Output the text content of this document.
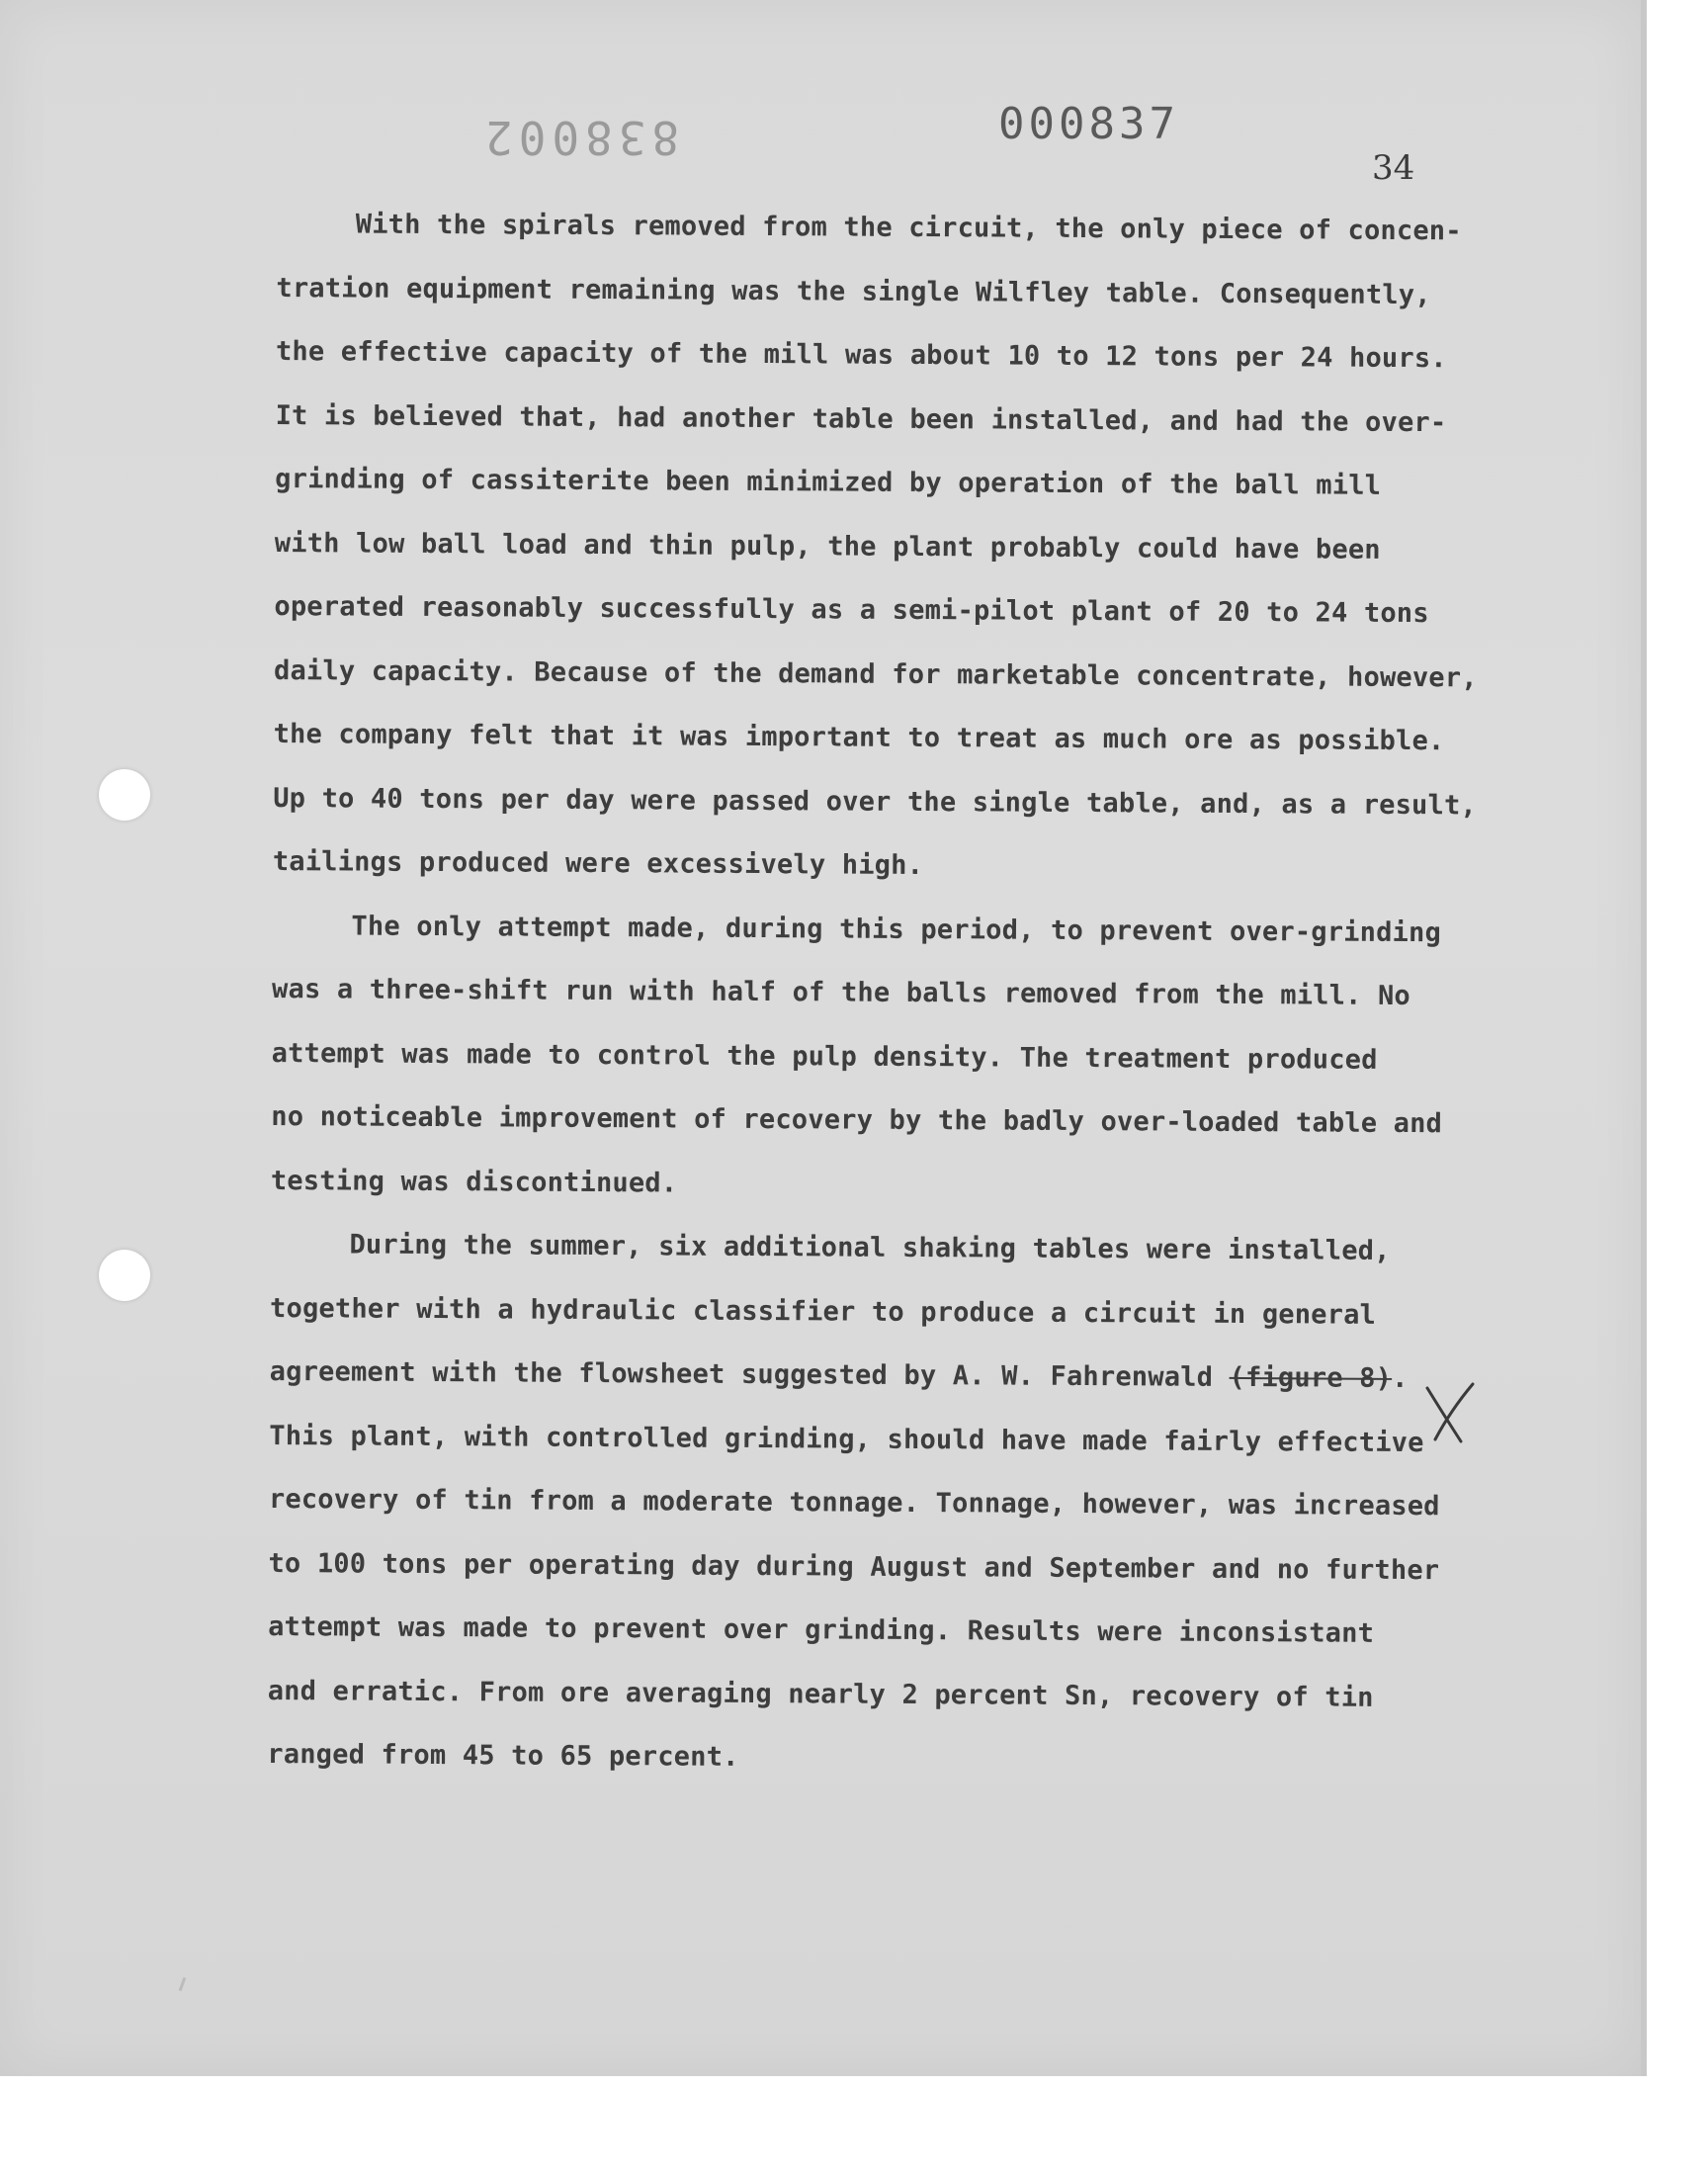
838002	000837
34
With the spirals removed from the circuit, the only piece of concen-
tration equipment remaining was the single Wilfley table. Consequently,
the effective capacity of the mill was about 10 to 12 tons per 24 hours.
It is believed that, had another table been installed, and had the over-
grinding of cassiterite been minimized by operation of the ball mill
with low ball load and thin pulp, the plant probably could have been
operated reasonably successfully as a semi-pilot plant of 20 to 24 tons
daily capacity. Because of the demand for marketable concentrate, however,
the company felt that it was important to treat as much ore as possible.
Up to 40 tons per day were passed over the single table, and, as a result,
tailings produced were excessively high.
The only attempt made, during this period, to prevent over-grinding
was a three-shift run with half of the balls removed from the mill. No
attempt was made to control the pulp density. The treatment produced
no noticeable improvement of recovery by the badly over-loaded table and
testing was discontinued.
During the summer, six additional shaking tables were installed,
together with a hydraulic classifier to produce a circuit in general
agreement with the flowsheet suggested by A. W. Fahrenwald (figure 8).
This plant, with controlled grinding, should have made fairly effective
recovery of tin from a moderate tonnage. Tonnage, however, was increased
to 100 tons per operating day during August and September and no further
attempt was made to prevent over grinding. Results were inconsistant
and erratic. From ore averaging nearly 2 percent Sn, recovery of tin
ranged from 45 to 65 percent.
